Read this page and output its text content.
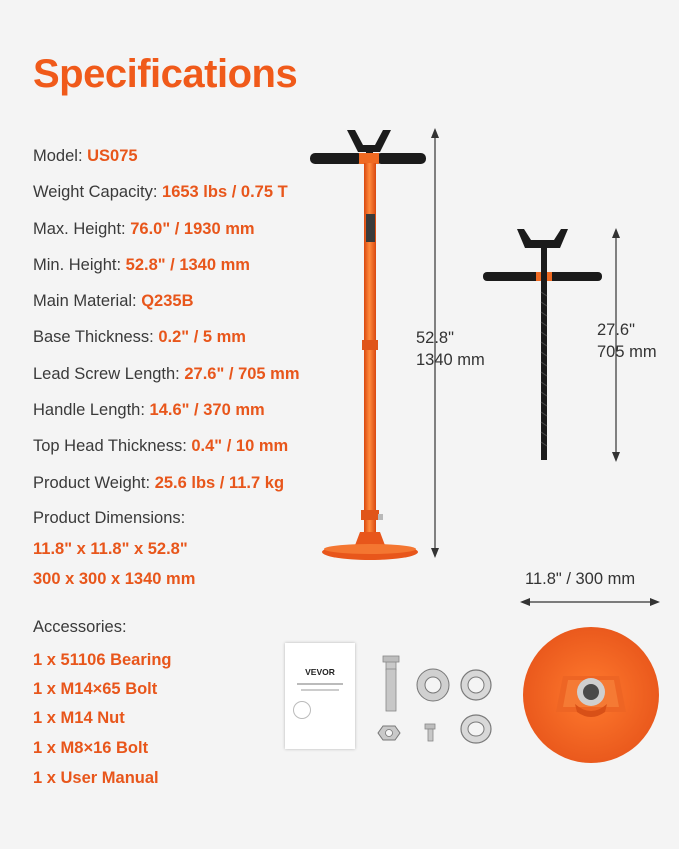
Specifications
Model: US075
Weight Capacity: 1653 lbs / 0.75 T
Max. Height: 76.0" / 1930 mm
Min. Height: 52.8" / 1340 mm
Main Material: Q235B
Base Thickness: 0.2" / 5 mm
Lead Screw Length: 27.6" / 705 mm
Handle Length: 14.6" / 370 mm
Top Head Thickness: 0.4" / 10 mm
Product Weight: 25.6 lbs / 11.7 kg
Product Dimensions:
11.8" x 11.8" x 52.8"
300 x 300 x 1340 mm
Accessories:
1 x 51106 Bearing
1 x M14×65 Bolt
1 x M14 Nut
1 x M8×16 Bolt
1 x User Manual
52.8"
1340 mm
27.6"
705 mm
11.8" / 300 mm
VEVOR
